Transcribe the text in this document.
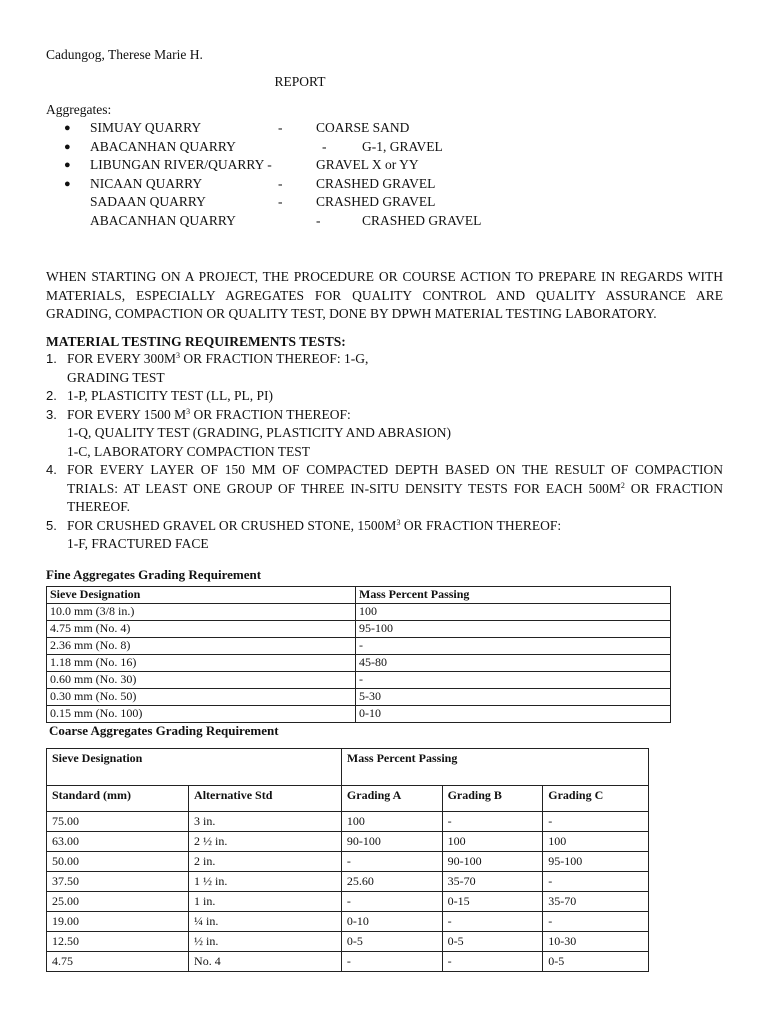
Cadungog, Therese Marie H.
REPORT
Aggregates:
● SIMUAY QUARRY	- COARSE SAND
● ABACANHAN QUARRY	-	G-1, GRAVEL
● LIBUNGAN RIVER/QUARRY -	GRAVEL X or YY
● NICAAN QUARRY	- CRASHED GRAVEL
SADAAN QUARRY	- CRASHED GRAVEL
ABACANHAN QUARRY	-	CRASHED GRAVEL
WHEN STARTING ON A PROJECT, THE PROCEDURE OR COURSE ACTION TO PREPARE IN REGARDS WITH MATERIALS, ESPECIALLY AGREGATES FOR QUALITY CONTROL AND QUALITY ASSURANCE ARE GRADING, COMPACTION OR QUALITY TEST, DONE BY DPWH MATERIAL TESTING LABORATORY.
MATERIAL TESTING REQUIREMENTS TESTS:
1. FOR EVERY $300M^3$ OR FRACTION THEREOF: 1-G,
GRADING TEST
2. 1-P, PLASTICITY TEST (LL, PL, PI)
3. FOR EVERY 1500 $M^3$ OR FRACTION THEREOF:
1-Q, QUALITY TEST (GRADING, PLASTICITY AND ABRASION)
1-C, LABORATORY COMPACTION TEST
4. FOR EVERY LAYER OF 150 MM OF COMPACTED DEPTH BASED ON THE RESULT OF COMPACTION TRIALS: AT LEAST ONE GROUP OF THREE IN-SITU DENSITY TESTS FOR EACH $500M^2$ OR FRACTION THEREOF.
5. FOR CRUSHED GRAVEL OR CRUSHED STONE, $1500M^3$ OR FRACTION THEREOF:
1-F, FRACTURED FACE
Fine Aggregates Grading Requirement
Sieve Designation	Mass Percent Passing
10.0 mm (3/8 in.)	100
4.75 mm (No. 4)	95-100
2.36 mm (No. 8)	-
1.18 mm (No. 16)	45-80
0.60 mm (No. 30)	-
0.30 mm (No. 50)	5-30
0.15 mm (No. 100)	0-10
Coarse Aggregates Grading Requirement
Sieve Designation		Mass Percent Passing		
Standard (mm)	Alternative Std	Grading A	Grading B	Grading C
75.00	3 in.	100	-	-
63.00	2 ½ in.	90-100	100	100
50.00	2 in.	-	90-100	95-100
37.50	1 ½ in.	25.60	35-70	-
25.00	1 in.	-	0-15	35-70
19.00	¼ in.	0-10	-	-
12.50	½ in.	0-5	0-5	10-30
4.75	No. 4	-	-	0-5
